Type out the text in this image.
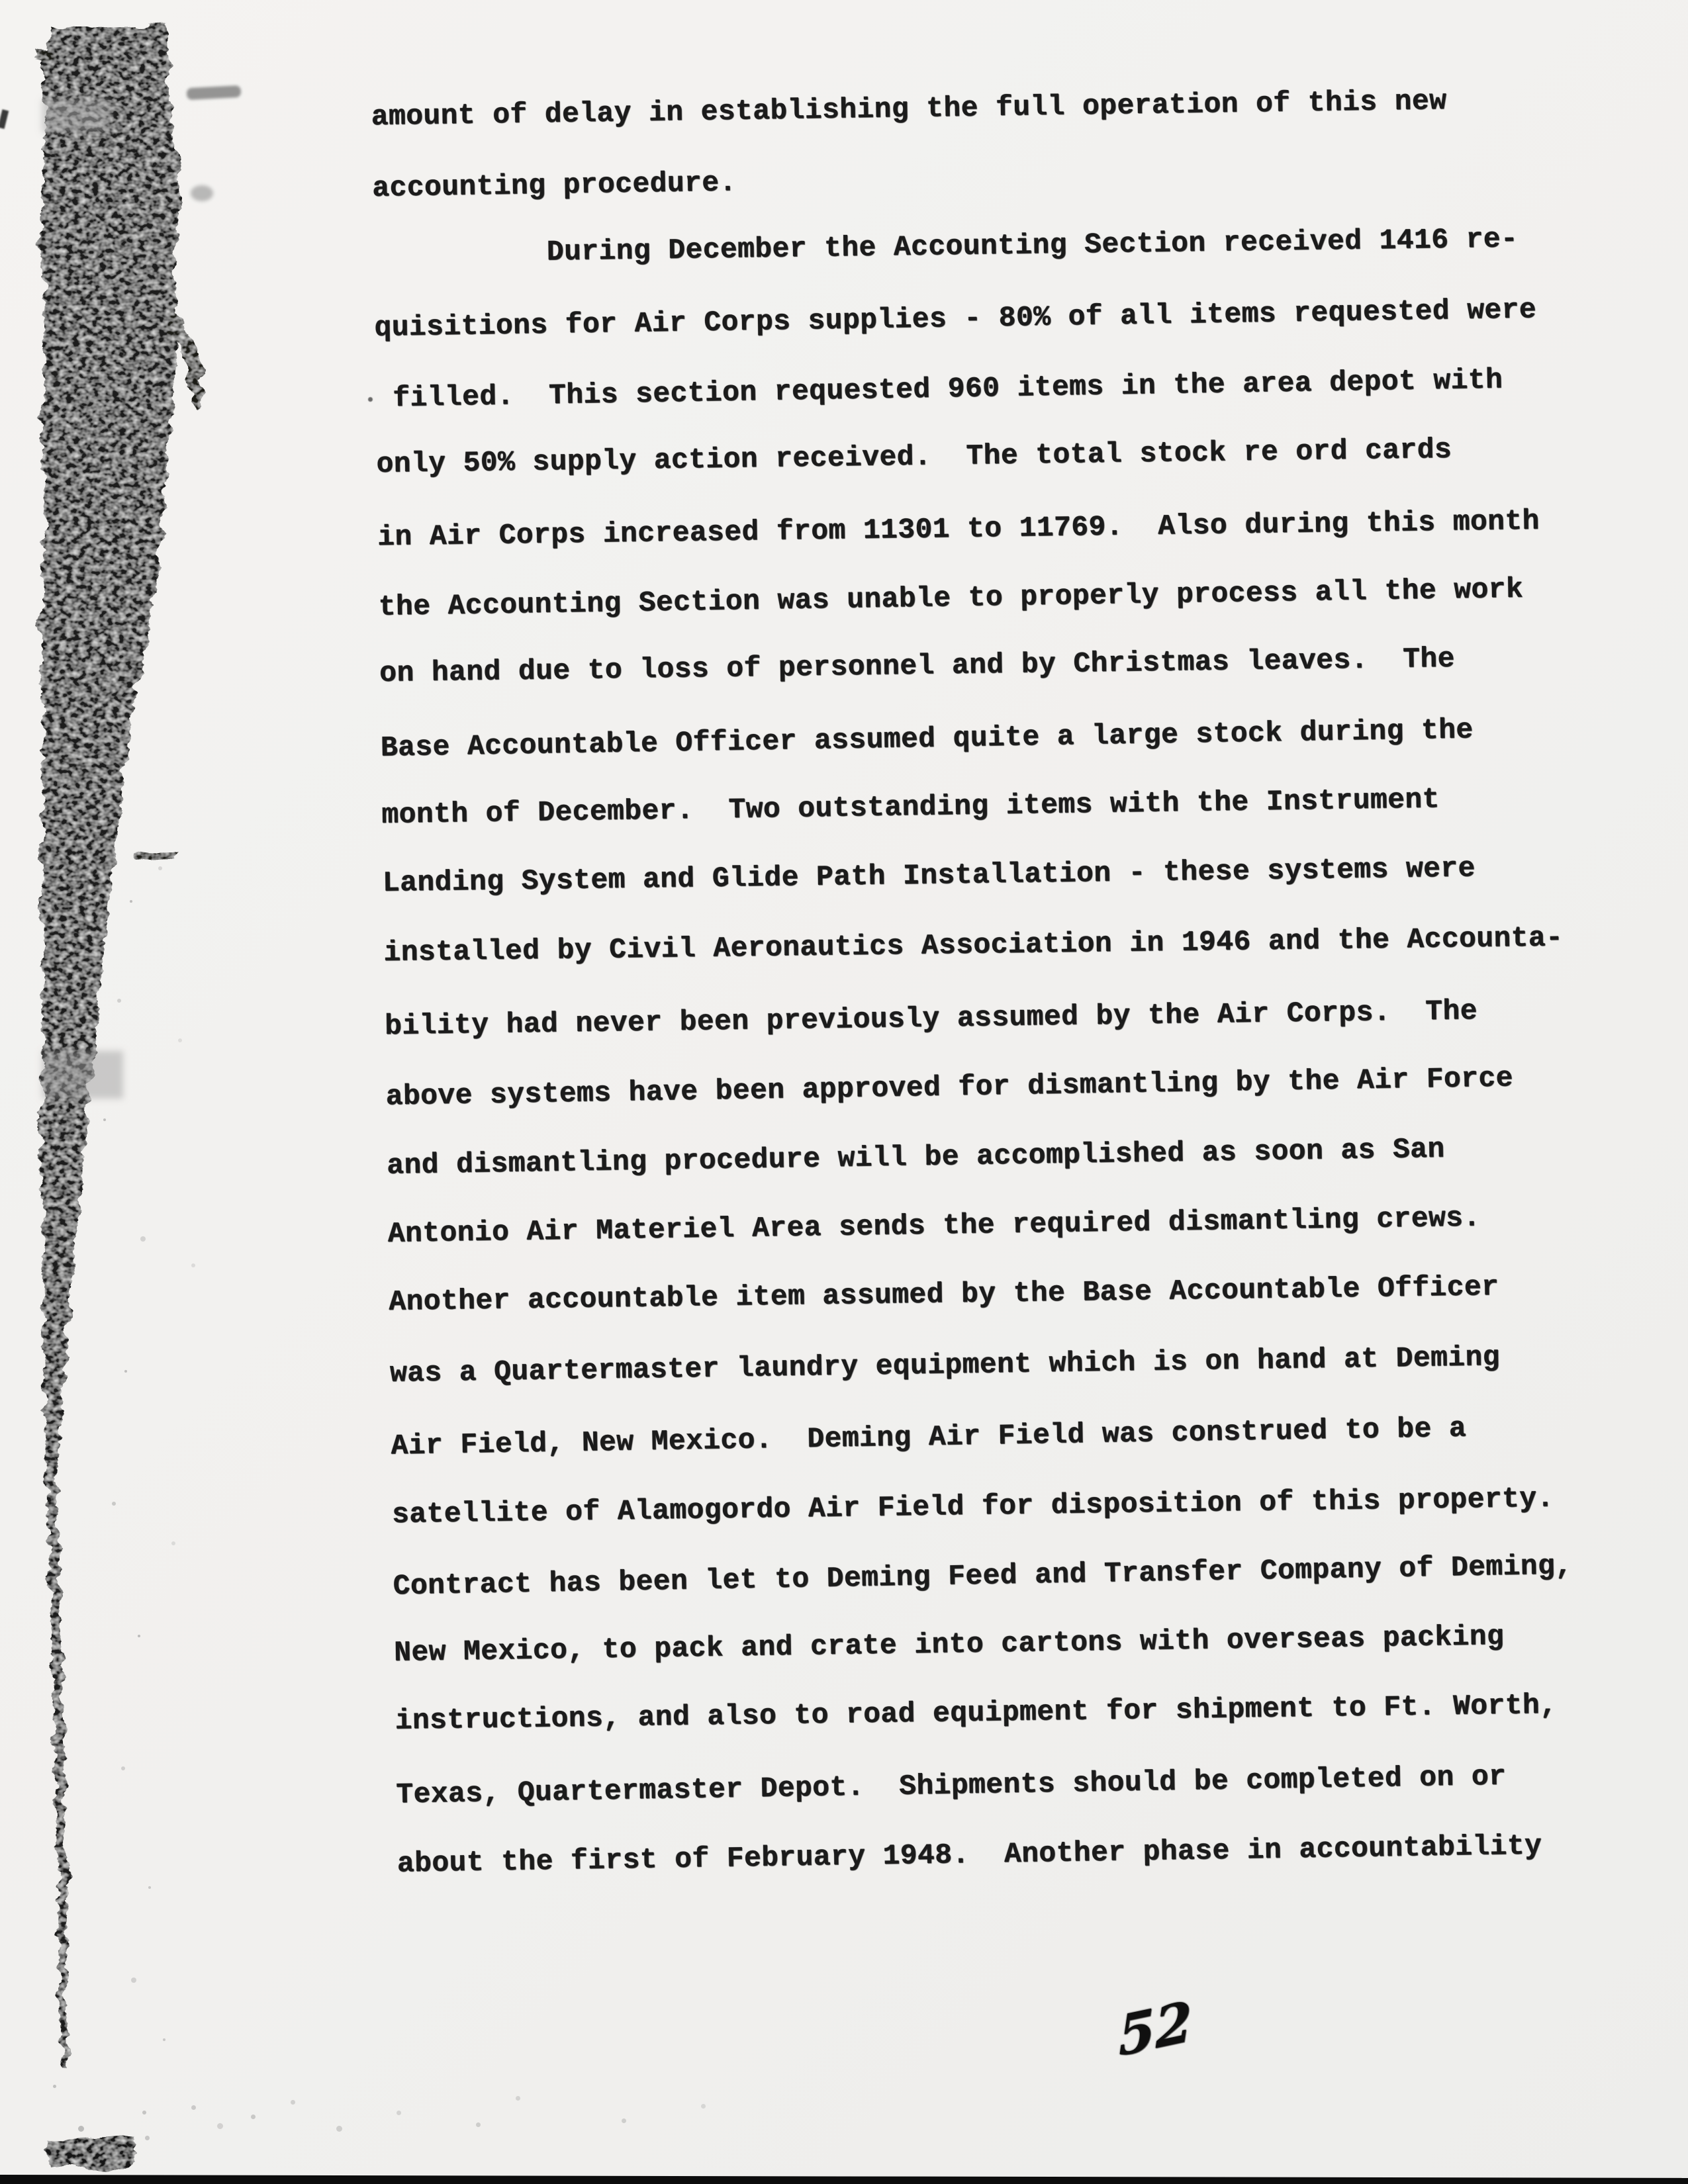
amount of delay in establishing the full operation of this new
accounting procedure.
During December the Accounting Section received 1416 re-
quisitions for Air Corps supplies - 80% of all items requested were
filled.  This section requested 960 items in the area depot with
only 50% supply action received.  The total stock re ord cards
in Air Corps increased from 11301 to 11769.  Also during this month
the Accounting Section was unable to properly process all the work
on hand due to loss of personnel and by Christmas leaves.  The
Base Accountable Officer assumed quite a large stock during the
month of December.  Two outstanding items with the Instrument
Landing System and Glide Path Installation - these systems were
installed by Civil Aeronautics Association in 1946 and the Accounta-
bility had never been previously assumed by the Air Corps.  The
above systems have been approved for dismantling by the Air Force
and dismantling procedure will be accomplished as soon as San
Antonio Air Materiel Area sends the required dismantling crews.
Another accountable item assumed by the Base Accountable Officer
was a Quartermaster laundry equipment which is on hand at Deming
Air Field, New Mexico.  Deming Air Field was construed to be a
satellite of Alamogordo Air Field for disposition of this property.
Contract has been let to Deming Feed and Transfer Company of Deming,
New Mexico, to pack and crate into cartons with overseas packing
instructions, and also to road equipment for shipment to Ft. Worth,
Texas, Quartermaster Depot.  Shipments should be completed on or
about the first of February 1948.  Another phase in accountability
52
